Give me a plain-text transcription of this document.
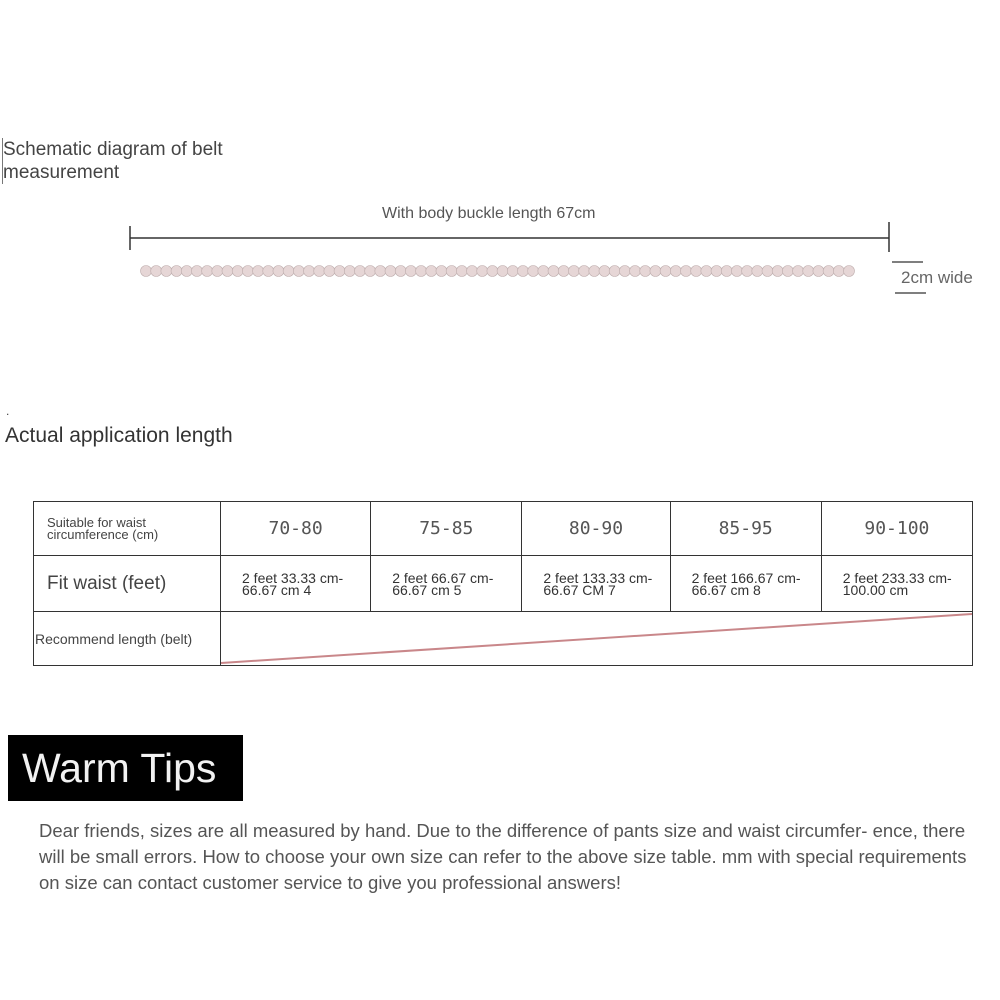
Schematic diagram of belt measurement
With body buckle length 67cm
2cm wide
.
Actual application length
Suitable for waist circumference (cm)	70-80	75-85	80-90	85-95	90-100
Fit waist (feet)	2 feet 33.33 cm-66.67 cm 4	2 feet 66.67 cm-66.67 cm 5	2 feet 133.33 cm-66.67 CM 7	2 feet 166.67 cm-66.67 cm 8	2 feet 233.33 cm-100.00 cm
Recommend length (belt)	
Warm Tips
Dear friends, sizes are all measured by hand. Due to the difference of pants size and waist circumfer- ence, there will be small errors. How to choose your own size can refer to the above size table. mm with special requirements on size can contact customer service to give you professional answers!
